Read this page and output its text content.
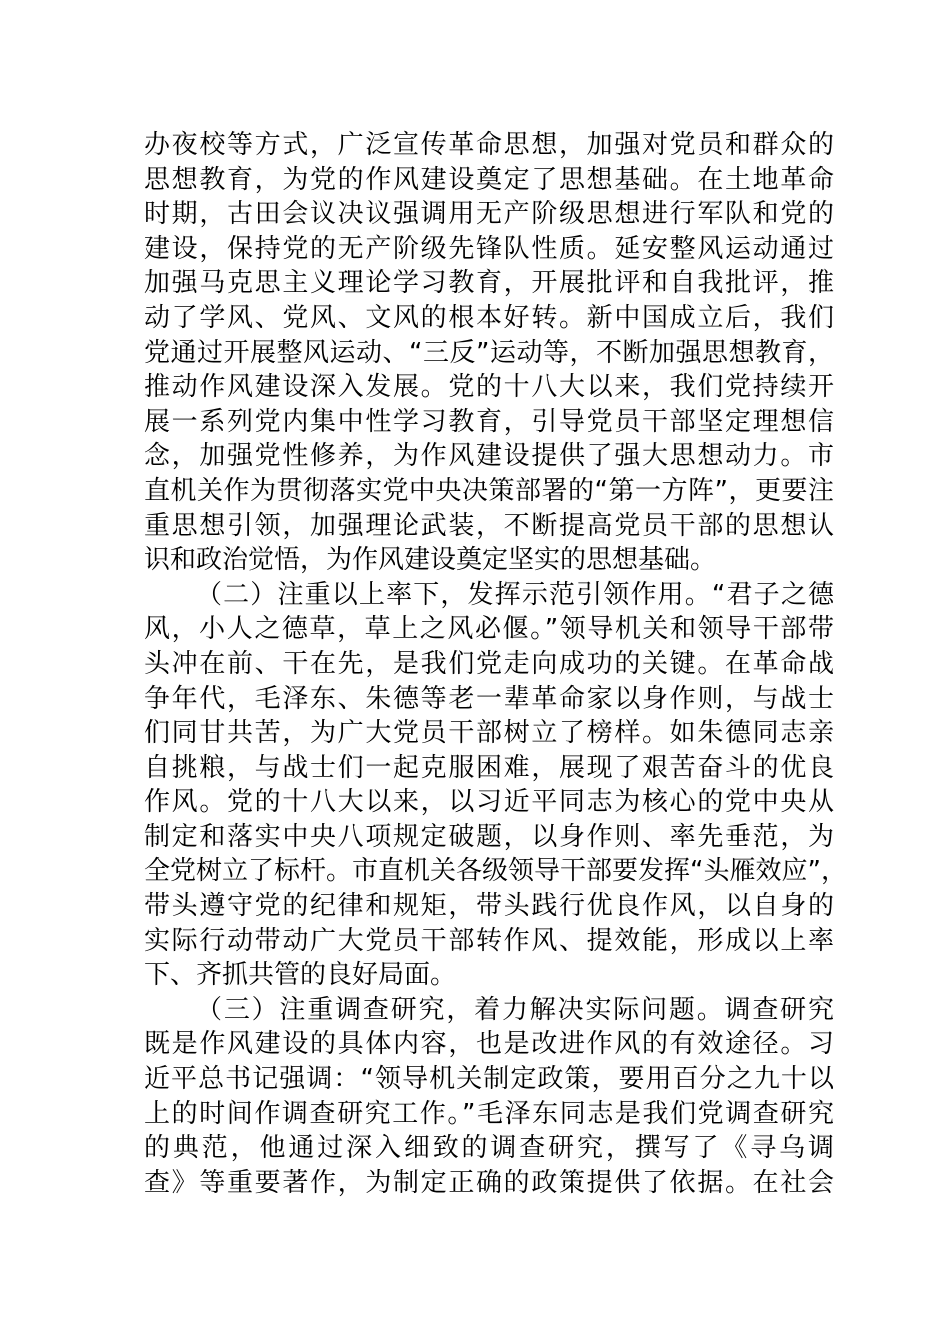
办夜校等方式，广泛宣传革命思想，加强对党员和群众的
思想教育，为党的作风建设奠定了思想基础。在土地革命
时期，古田会议决议强调用无产阶级思想进行军队和党的
建设，保持党的无产阶级先锋队性质。延安整风运动通过
加强马克思主义理论学习教育，开展批评和自我批评，推
动了学风、党风、文风的根本好转。新中国成立后，我们
党通过开展整风运动、“三反”运动等，不断加强思想教育，
推动作风建设深入发展。党的十八大以来，我们党持续开
展一系列党内集中性学习教育，引导党员干部坚定理想信
念，加强党性修养，为作风建设提供了强大思想动力。市
直机关作为贯彻落实党中央决策部署的“第一方阵”，更要注
重思想引领，加强理论武装，不断提高党员干部的思想认
识和政治觉悟，为作风建设奠定坚实的思想基础。
（二）注重以上率下，发挥示范引领作用。“君子之德
风，小人之德草，草上之风必偃。”领导机关和领导干部带
头冲在前、干在先，是我们党走向成功的关键。在革命战
争年代，毛泽东、朱德等老一辈革命家以身作则，与战士
们同甘共苦，为广大党员干部树立了榜样。如朱德同志亲
自挑粮，与战士们一起克服困难，展现了艰苦奋斗的优良
作风。党的十八大以来，以习近平同志为核心的党中央从
制定和落实中央八项规定破题，以身作则、率先垂范，为
全党树立了标杆。市直机关各级领导干部要发挥“头雁效应”，
带头遵守党的纪律和规矩，带头践行优良作风，以自身的
实际行动带动广大党员干部转作风、提效能，形成以上率
下、齐抓共管的良好局面。
（三）注重调查研究，着力解决实际问题。调查研究
既是作风建设的具体内容，也是改进作风的有效途径。习
近平总书记强调：“领导机关制定政策，要用百分之九十以
上的时间作调查研究工作。”毛泽东同志是我们党调查研究
的典范，他通过深入细致的调查研究，撰写了《寻乌调
查》等重要著作，为制定正确的政策提供了依据。在社会
